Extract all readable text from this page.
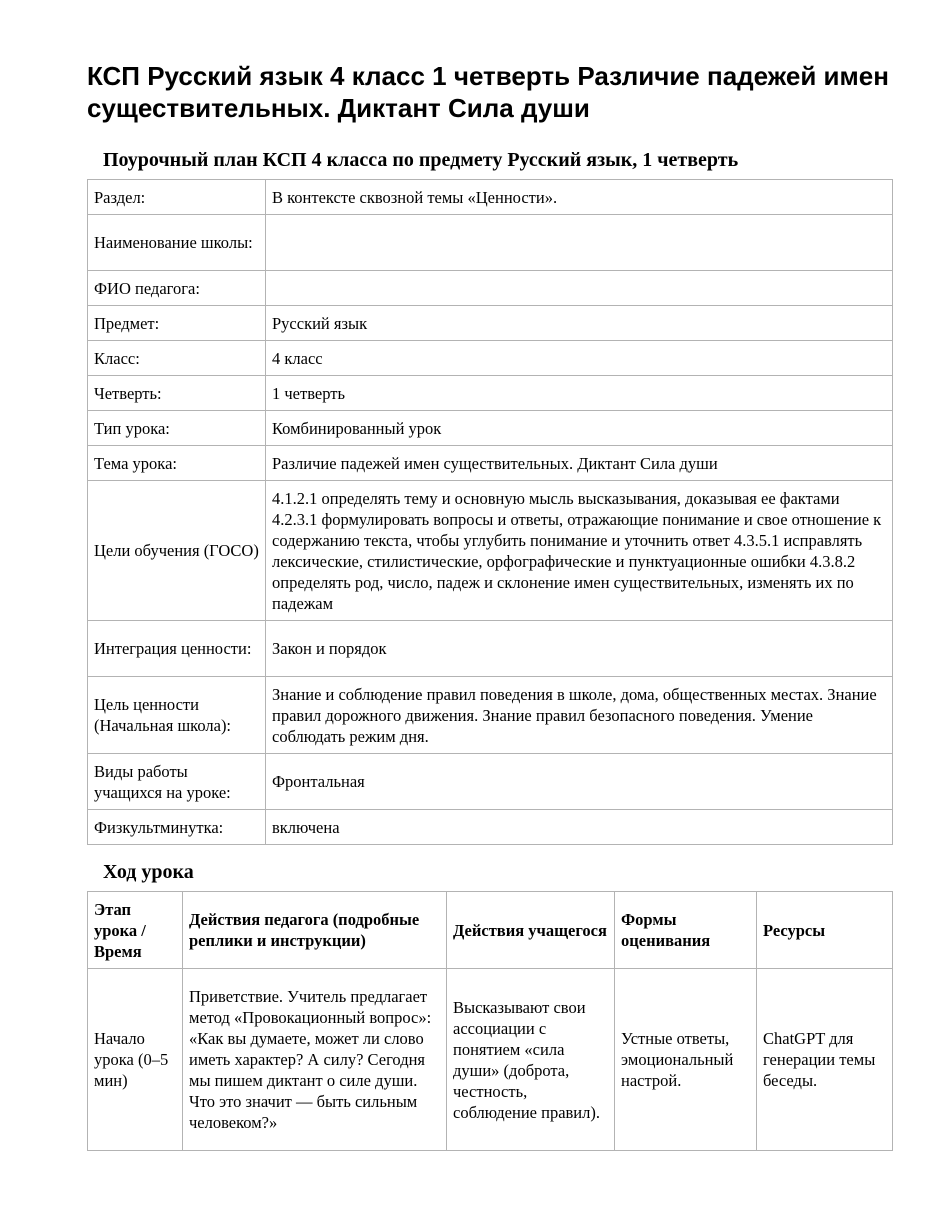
КСП Русский язык 4 класс 1 четверть Различие падежей имен существительных. Диктант Сила души
Поурочный план КСП 4 класса по предмету Русский язык, 1 четверть
Раздел:	В контексте сквозной темы «Ценности».
Наименование школы:	
ФИО педагога:	
Предмет:	Русский язык
Класс:	4 класс
Четверть:	1 четверть
Тип урока:	Комбинированный урок
Тема урока:	Различие падежей имен существительных. Диктант Сила души
Цели обучения (ГОСО)	4.1.2.1 определять тему и основную мысль высказывания, доказывая ее фактами 4.2.3.1 формулировать вопросы и ответы, отражающие понимание и свое отношение к содержанию текста, чтобы углубить понимание и уточнить ответ 4.3.5.1 исправлять лексические, стилистические, орфографические и пунктуационные ошибки 4.3.8.2 определять род, число, падеж и склонение имен существительных, изменять их по падежам
Интеграция ценности:	Закон и порядок
Цель ценности (Начальная школа):	Знание и соблюдение правил поведения в школе, дома, общественных местах. Знание правил дорожного движения. Знание правил безопасного поведения. Умение соблюдать режим дня.
Виды работы учащихся на уроке:	Фронтальная
Физкультминутка:	включена
Ход урока
Этап урока / Время	Действия педагога (подробные реплики и инструкции)	Действия учащегося	Формы оценивания	Ресурсы
Начало урока (0–5 мин)	Приветствие. Учитель предлагает метод «Провокационный вопрос»: «Как вы думаете, может ли слово иметь характер? А силу? Сегодня мы пишем диктант о силе души. Что это значит — быть сильным человеком?»	Высказывают свои ассоциации с понятием «сила души» (доброта, честность, соблюдение правил).	Устные ответы, эмоциональный настрой.	ChatGPT для генерации темы беседы.
